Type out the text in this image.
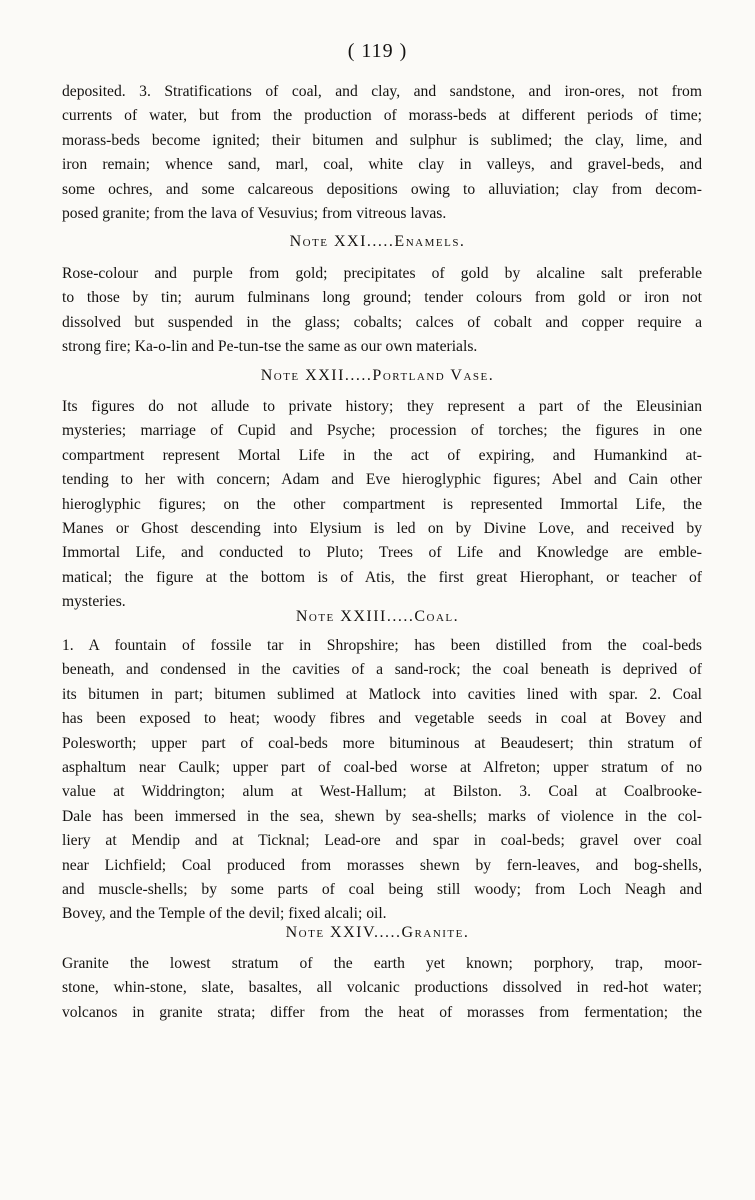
( 119 )
deposited. 3. Stratifications of coal, and clay, and sandstone, and iron-ores, not from
currents of water, but from the production of morass-beds at different periods of time;
morass-beds become ignited; their bitumen and sulphur is sublimed; the clay, lime, and
iron remain; whence sand, marl, coal, white clay in valleys, and gravel-beds, and
some ochres, and some calcareous depositions owing to alluviation; clay from decom-
posed granite; from the lava of Vesuvius; from vitreous lavas.
Note XXI.....Enamels.
Rose-colour and purple from gold; precipitates of gold by alcaline salt preferable
to those by tin; aurum fulminans long ground; tender colours from gold or iron not
dissolved but suspended in the glass; cobalts; calces of cobalt and copper require a
strong fire; Ka-o-lin and Pe-tun-tse the same as our own materials.
Note XXII.....Portland Vase.
Its figures do not allude to private history; they represent a part of the Eleusinian
mysteries; marriage of Cupid and Psyche; procession of torches; the figures in one
compartment represent Mortal Life in the act of expiring, and Humankind at-
tending to her with concern; Adam and Eve hieroglyphic figures; Abel and Cain other
hieroglyphic figures; on the other compartment is represented Immortal Life, the
Manes or Ghost descending into Elysium is led on by Divine Love, and received by
Immortal Life, and conducted to Pluto; Trees of Life and Knowledge are emble-
matical; the figure at the bottom is of Atis, the first great Hierophant, or teacher of
mysteries.
Note XXIII.....Coal.
1. A fountain of fossile tar in Shropshire; has been distilled from the coal-beds
beneath, and condensed in the cavities of a sand-rock; the coal beneath is deprived of
its bitumen in part; bitumen sublimed at Matlock into cavities lined with spar. 2. Coal
has been exposed to heat; woody fibres and vegetable seeds in coal at Bovey and
Polesworth; upper part of coal-beds more bituminous at Beaudesert; thin stratum of
asphaltum near Caulk; upper part of coal-bed worse at Alfreton; upper stratum of no
value at Widdrington; alum at West-Hallum; at Bilston. 3. Coal at Coalbrooke-
Dale has been immersed in the sea, shewn by sea-shells; marks of violence in the col-
liery at Mendip and at Ticknal; Lead-ore and spar in coal-beds; gravel over coal
near Lichfield; Coal produced from morasses shewn by fern-leaves, and bog-shells,
and muscle-shells; by some parts of coal being still woody; from Loch Neagh and
Bovey, and the Temple of the devil; fixed alcali; oil.
Note XXIV.....Granite.
Granite the lowest stratum of the earth yet known; porphory, trap, moor-
stone, whin-stone, slate, basaltes, all volcanic productions dissolved in red-hot water;
volcanos in granite strata; differ from the heat of morasses from fermentation; the
